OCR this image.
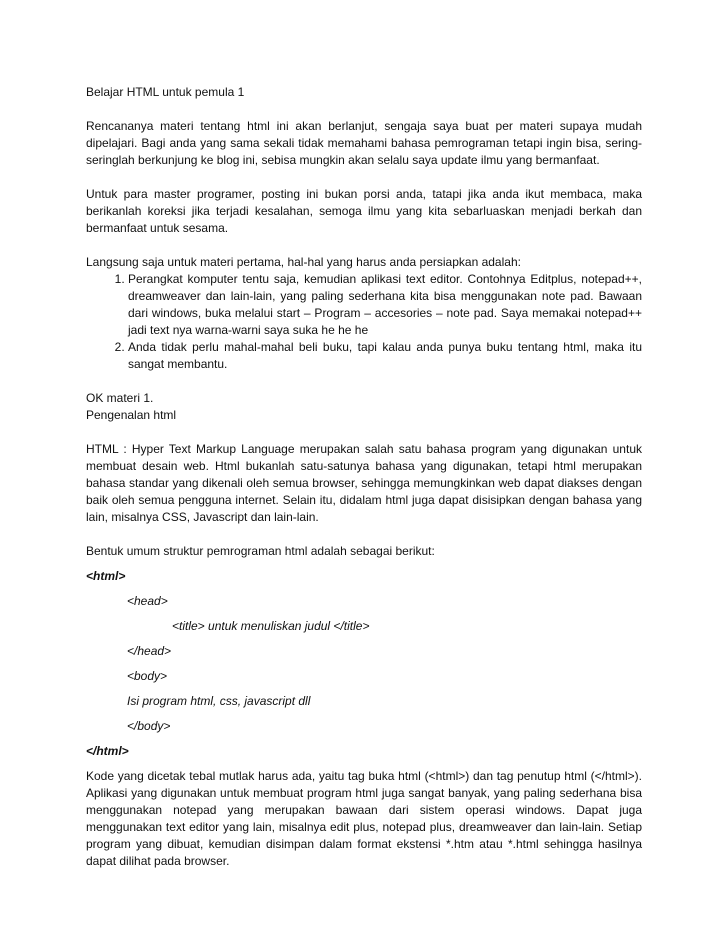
Belajar HTML untuk pemula 1

Rencananya materi tentang html ini akan berlanjut, sengaja saya buat per materi supaya mudah dipelajari. Bagi anda yang sama sekali tidak memahami bahasa pemrograman tetapi ingin bisa, sering-seringlah berkunjung ke blog ini, sebisa mungkin akan selalu saya update ilmu yang bermanfaat.

Untuk para master programer, posting ini bukan porsi anda, tatapi jika anda ikut membaca, maka berikanlah koreksi jika terjadi kesalahan, semoga ilmu yang kita sebarluaskan menjadi berkah dan bermanfaat untuk sesama.

Langsung saja untuk materi pertama, hal-hal yang harus anda persiapkan adalah:

1. Perangkat komputer tentu saja, kemudian aplikasi text editor. Contohnya Editplus, notepad++, dreamweaver dan lain-lain, yang paling sederhana kita bisa menggunakan note pad. Bawaan dari windows, buka melalui start – Program – accesories – note pad. Saya memakai notepad++ jadi text nya warna-warni saya suka he he he
2. Anda tidak perlu mahal-mahal beli buku, tapi kalau anda punya buku tentang html, maka itu sangat membantu.

OK materi 1.

Pengenalan html

HTML : Hyper Text Markup Language merupakan salah satu bahasa program yang digunakan untuk membuat desain web. Html bukanlah satu-satunya bahasa yang digunakan, tetapi html merupakan bahasa standar yang dikenali oleh semua browser, sehingga memungkinkan web dapat diakses dengan baik oleh semua pengguna internet. Selain itu, didalam html juga dapat disisipkan dengan bahasa yang lain, misalnya CSS, Javascript dan lain-lain.

Bentuk umum struktur pemrograman html adalah sebagai berikut:

<html>

<head>

<title> untuk menuliskan judul </title>

</head>

<body>

Isi program html, css, javascript dll

</body>

</html>

Kode yang dicetak tebal mutlak harus ada, yaitu tag buka html (<html>) dan tag penutup html (</html>). Aplikasi yang digunakan untuk membuat program html juga sangat banyak, yang paling sederhana bisa menggunakan notepad yang merupakan bawaan dari sistem operasi windows. Dapat juga menggunakan text editor yang lain, misalnya edit plus, notepad plus, dreamweaver dan lain-lain. Setiap program yang dibuat, kemudian disimpan dalam format ekstensi *.htm atau *.html sehingga hasilnya dapat dilihat pada browser.
